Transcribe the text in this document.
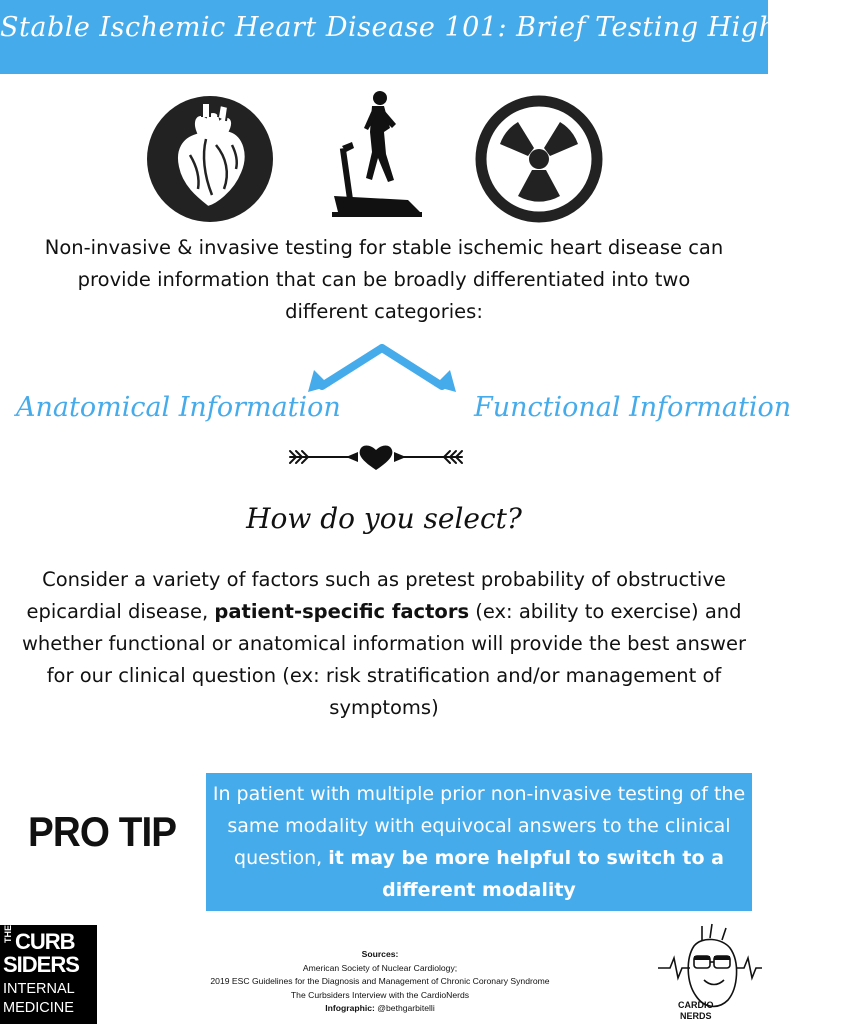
Stable Ischemic Heart Disease 101: Brief Testing Highlights
Non-invasive & invasive testing for stable ischemic heart disease can
provide information that can be broadly differentiated into two
different categories:
Anatomical Information	Functional Information
How do you select?
Consider a variety of factors such as pretest probability of obstructive epicardial disease, patient-specific factors (ex: ability to exercise) and whether functional or anatomical information will provide the best answer for our clinical question (ex: risk stratification and/or management of symptoms)
PRO TIP
In patient with multiple prior non-invasive testing of the same modality with equivocal answers to the clinical question, it may be more helpful to switch to a different modality
THE CURB
SIDERS
INTERNAL
MEDICINE
Sources:
American Society of Nuclear Cardiology;
2019 ESC Guidelines for the Diagnosis and Management of Chronic Coronary Syndrome
The Curbsiders Interview with the CardioNerds
Infographic: @bethgarbitelli	CARDIO
NERDS
